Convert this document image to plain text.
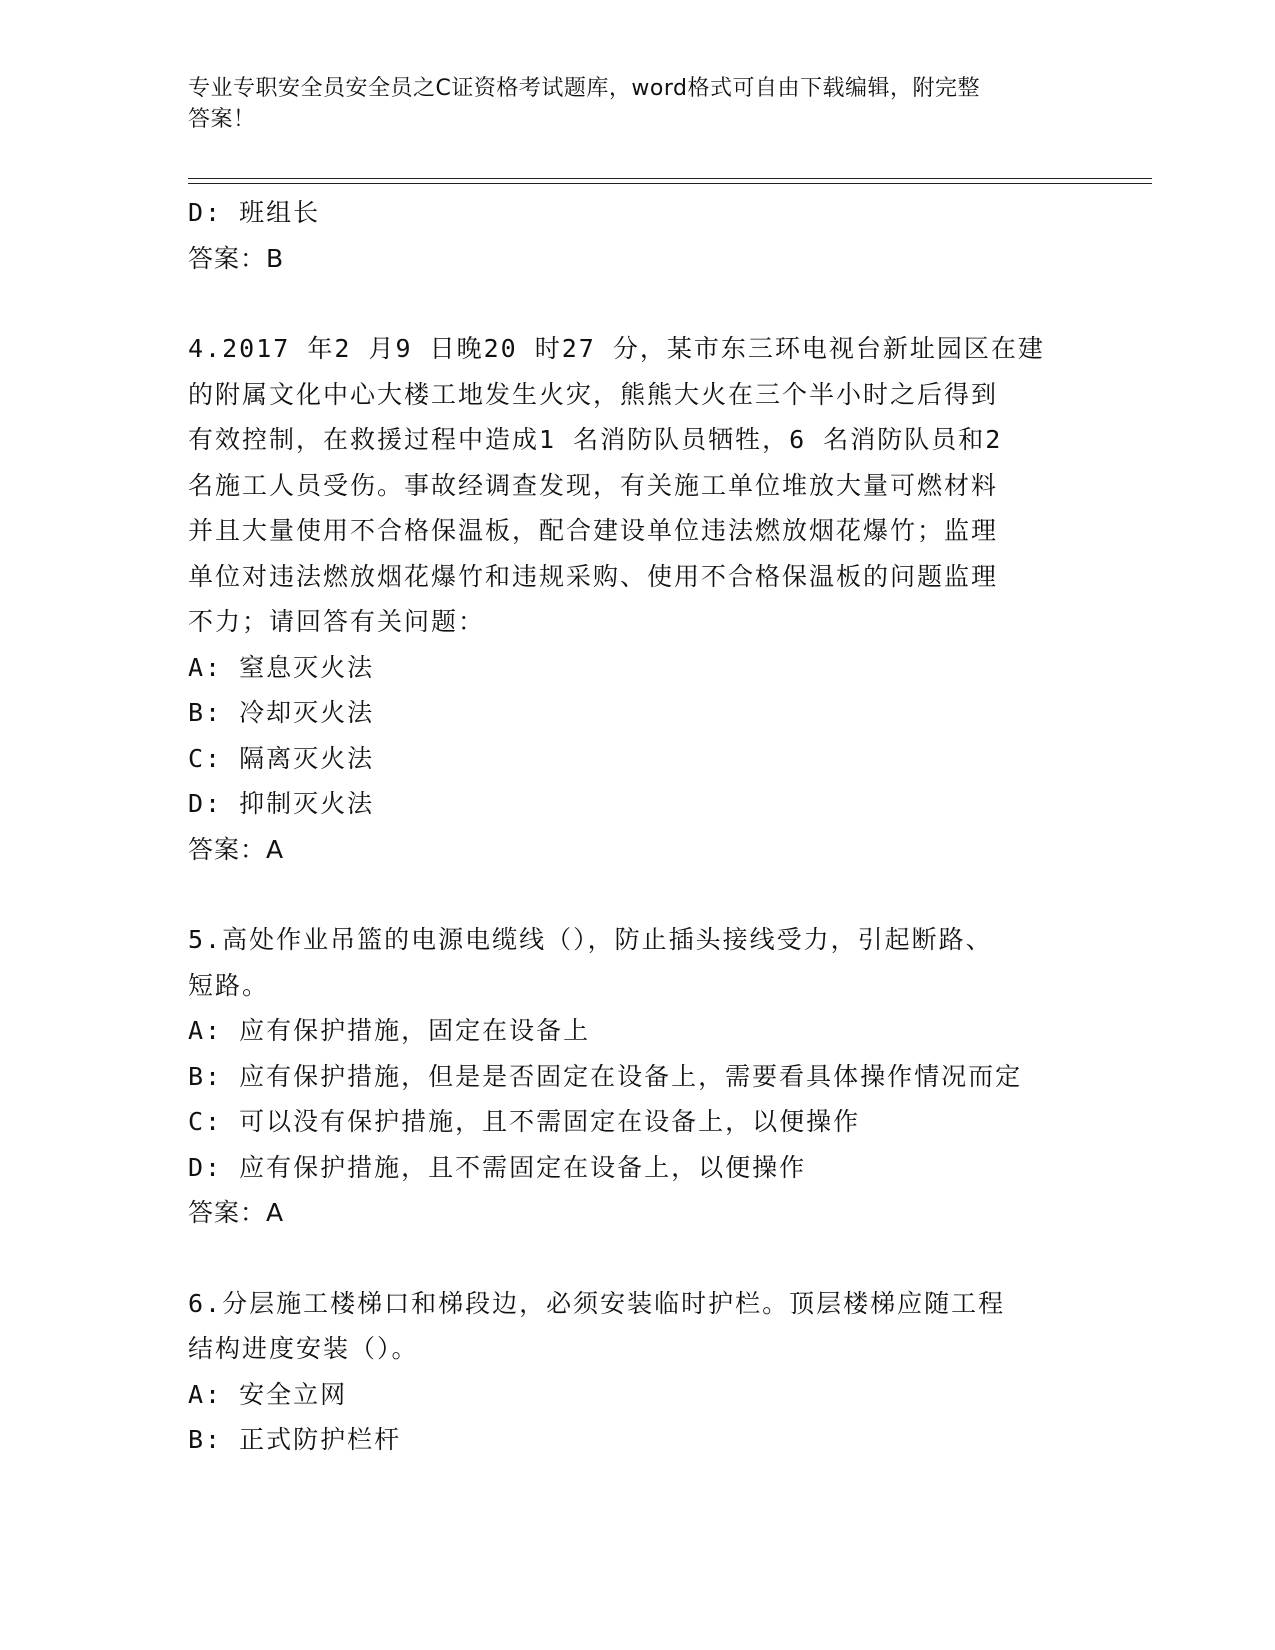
专业专职安全员安全员之C证资格考试题库，word格式可自由下载编辑，附完整
答案！
D: 班组长
答案：B
4.2017 年2 月9 日晚20 时27 分，某市东三环电视台新址园区在建
的附属文化中心大楼工地发生火灾，熊熊大火在三个半小时之后得到
有效控制，在救援过程中造成1 名消防队员牺牲，6 名消防队员和2
名施工人员受伤。事故经调查发现，有关施工单位堆放大量可燃材料
并且大量使用不合格保温板，配合建设单位违法燃放烟花爆竹；监理
单位对违法燃放烟花爆竹和违规采购、使用不合格保温板的问题监理
不力；请回答有关问题：
A: 窒息灭火法
B: 冷却灭火法
C: 隔离灭火法
D: 抑制灭火法
答案：A
5.高处作业吊篮的电源电缆线（），防止插头接线受力，引起断路、
短路。
A: 应有保护措施，固定在设备上
B: 应有保护措施，但是是否固定在设备上，需要看具体操作情况而定
C: 可以没有保护措施，且不需固定在设备上，以便操作
D: 应有保护措施，且不需固定在设备上，以便操作
答案：A
6.分层施工楼梯口和梯段边，必须安装临时护栏。顶层楼梯应随工程
结构进度安装（）。
A: 安全立网
B: 正式防护栏杆
